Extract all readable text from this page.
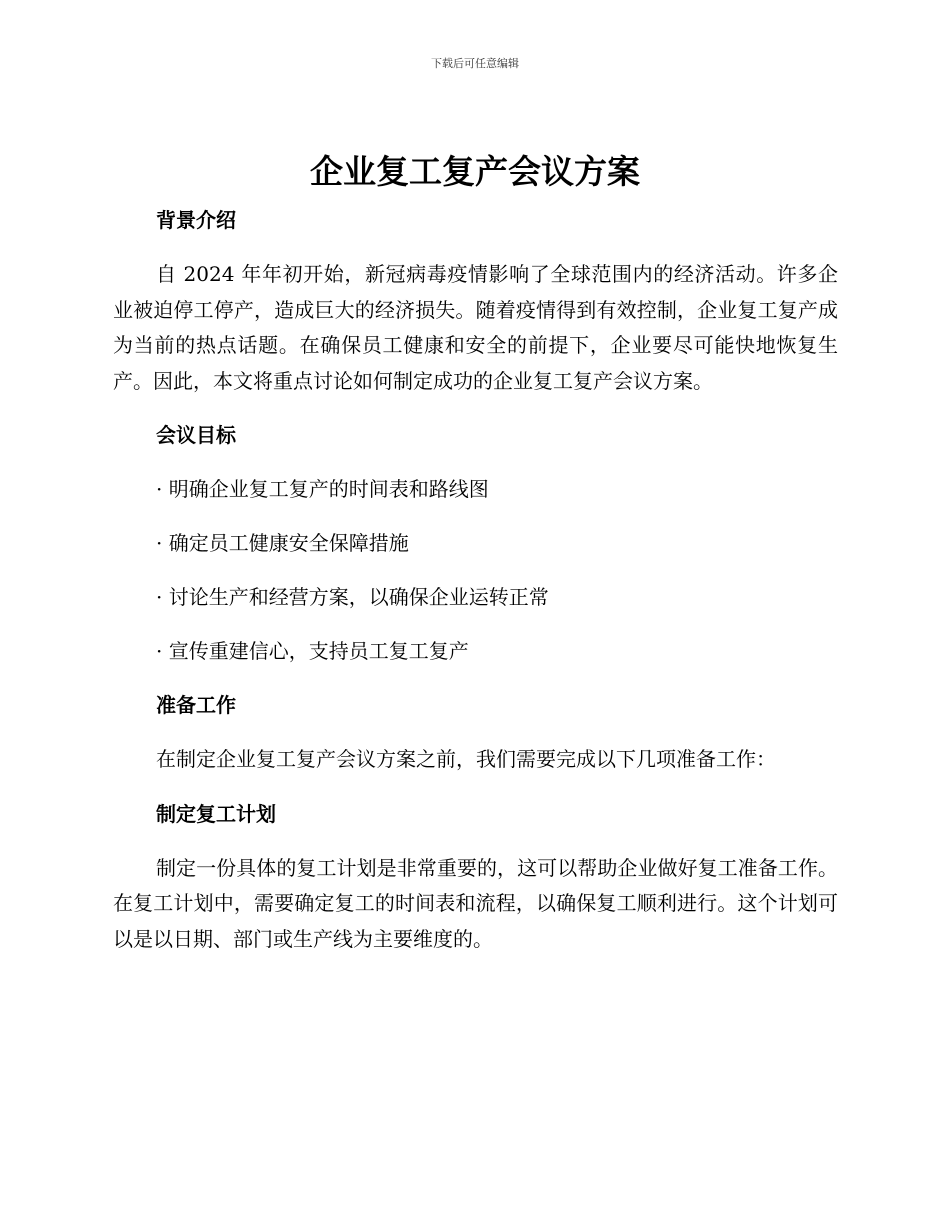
下载后可任意编辑
企业复工复产会议方案

背景介绍

自 2024 年年初开始，新冠病毒疫情影响了全球范围内的经济活动。许多企业被迫停工停产，造成巨大的经济损失。随着疫情得到有效控制，企业复工复产成为当前的热点话题。在确保员工健康和安全的前提下，企业要尽可能快地恢复生产。因此，本文将重点讨论如何制定成功的企业复工复产会议方案。

会议目标

· 明确企业复工复产的时间表和路线图

· 确定员工健康安全保障措施

· 讨论生产和经营方案，以确保企业运转正常

· 宣传重建信心，支持员工复工复产

准备工作

在制定企业复工复产会议方案之前，我们需要完成以下几项准备工作：

制定复工计划

制定一份具体的复工计划是非常重要的，这可以帮助企业做好复工准备工作。在复工计划中，需要确定复工的时间表和流程，以确保复工顺利进行。这个计划可以是以日期、部门或生产线为主要维度的。
